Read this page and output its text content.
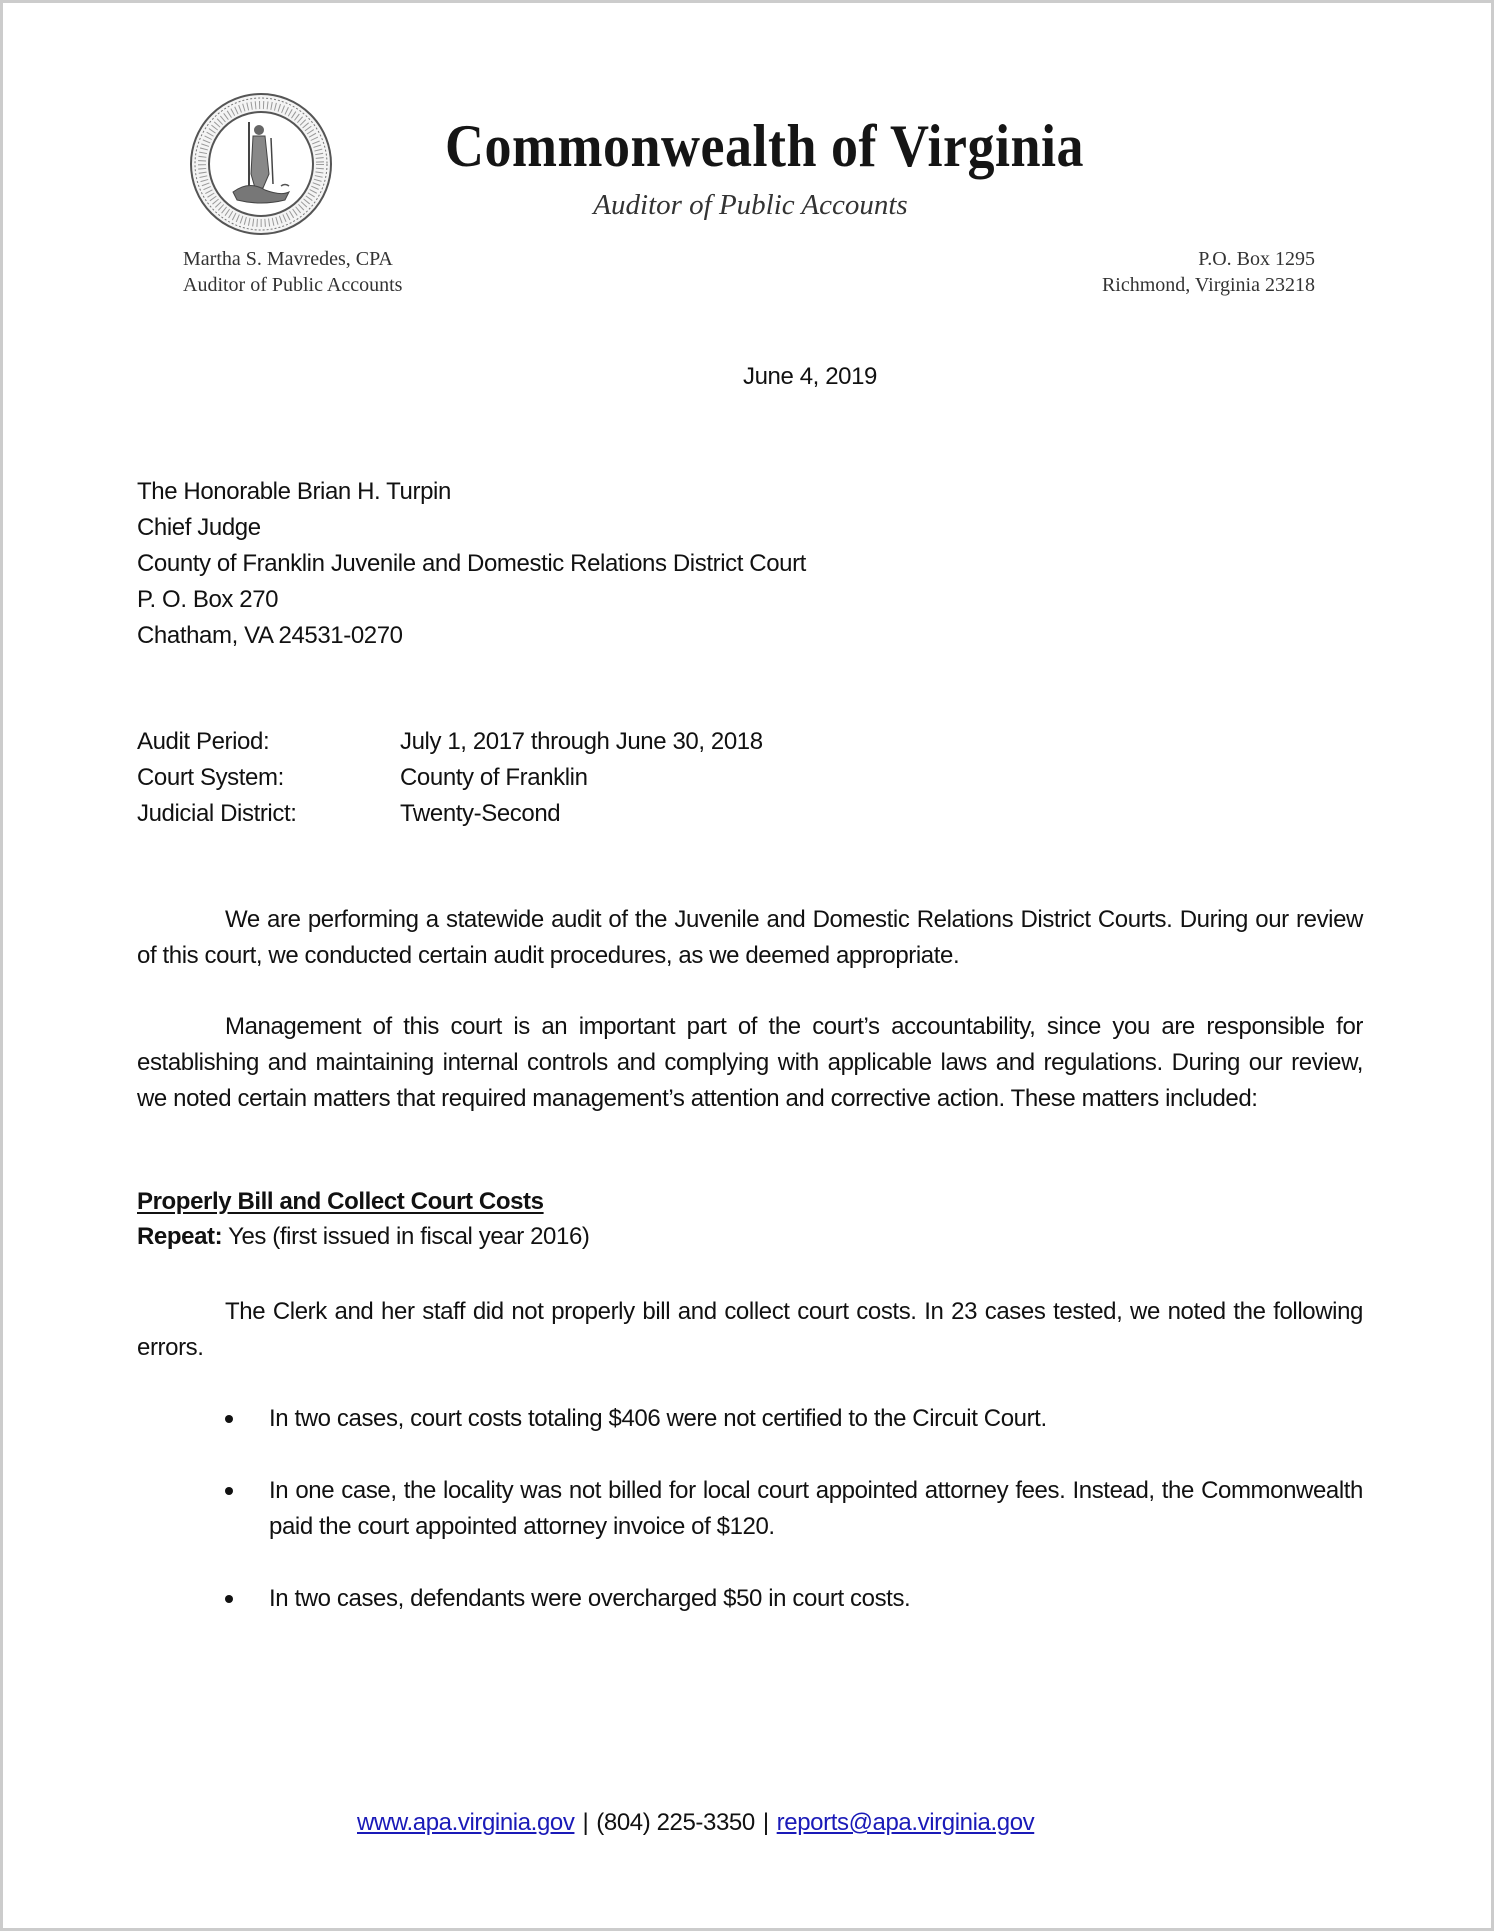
Commonwealth of Virginia
Auditor of Public Accounts
Martha S. Mavredes, CPA
Auditor of Public Accounts
P.O. Box 1295
Richmond, Virginia 23218
June 4, 2019
The Honorable Brian H. Turpin
Chief Judge
County of Franklin Juvenile and Domestic Relations District Court
P. O. Box 270
Chatham, VA 24531-0270
Audit Period:	July 1, 2017 through June 30, 2018
Court System:	County of Franklin
Judicial District:	Twenty-Second
We are performing a statewide audit of the Juvenile and Domestic Relations District Courts. During our review of this court, we conducted certain audit procedures, as we deemed appropriate.
Management of this court is an important part of the court’s accountability, since you are responsible for establishing and maintaining internal controls and complying with applicable laws and regulations. During our review, we noted certain matters that required management’s attention and corrective action. These matters included:
Properly Bill and Collect Court Costs
Repeat: Yes (first issued in fiscal year 2016)
The Clerk and her staff did not properly bill and collect court costs. In 23 cases tested, we noted the following errors.
In two cases, court costs totaling $406 were not certified to the Circuit Court.
In one case, the locality was not billed for local court appointed attorney fees. Instead, the Commonwealth paid the court appointed attorney invoice of $120.
In two cases, defendants were overcharged $50 in court costs.
www.apa.virginia.gov | (804) 225-3350 | reports@apa.virginia.gov
